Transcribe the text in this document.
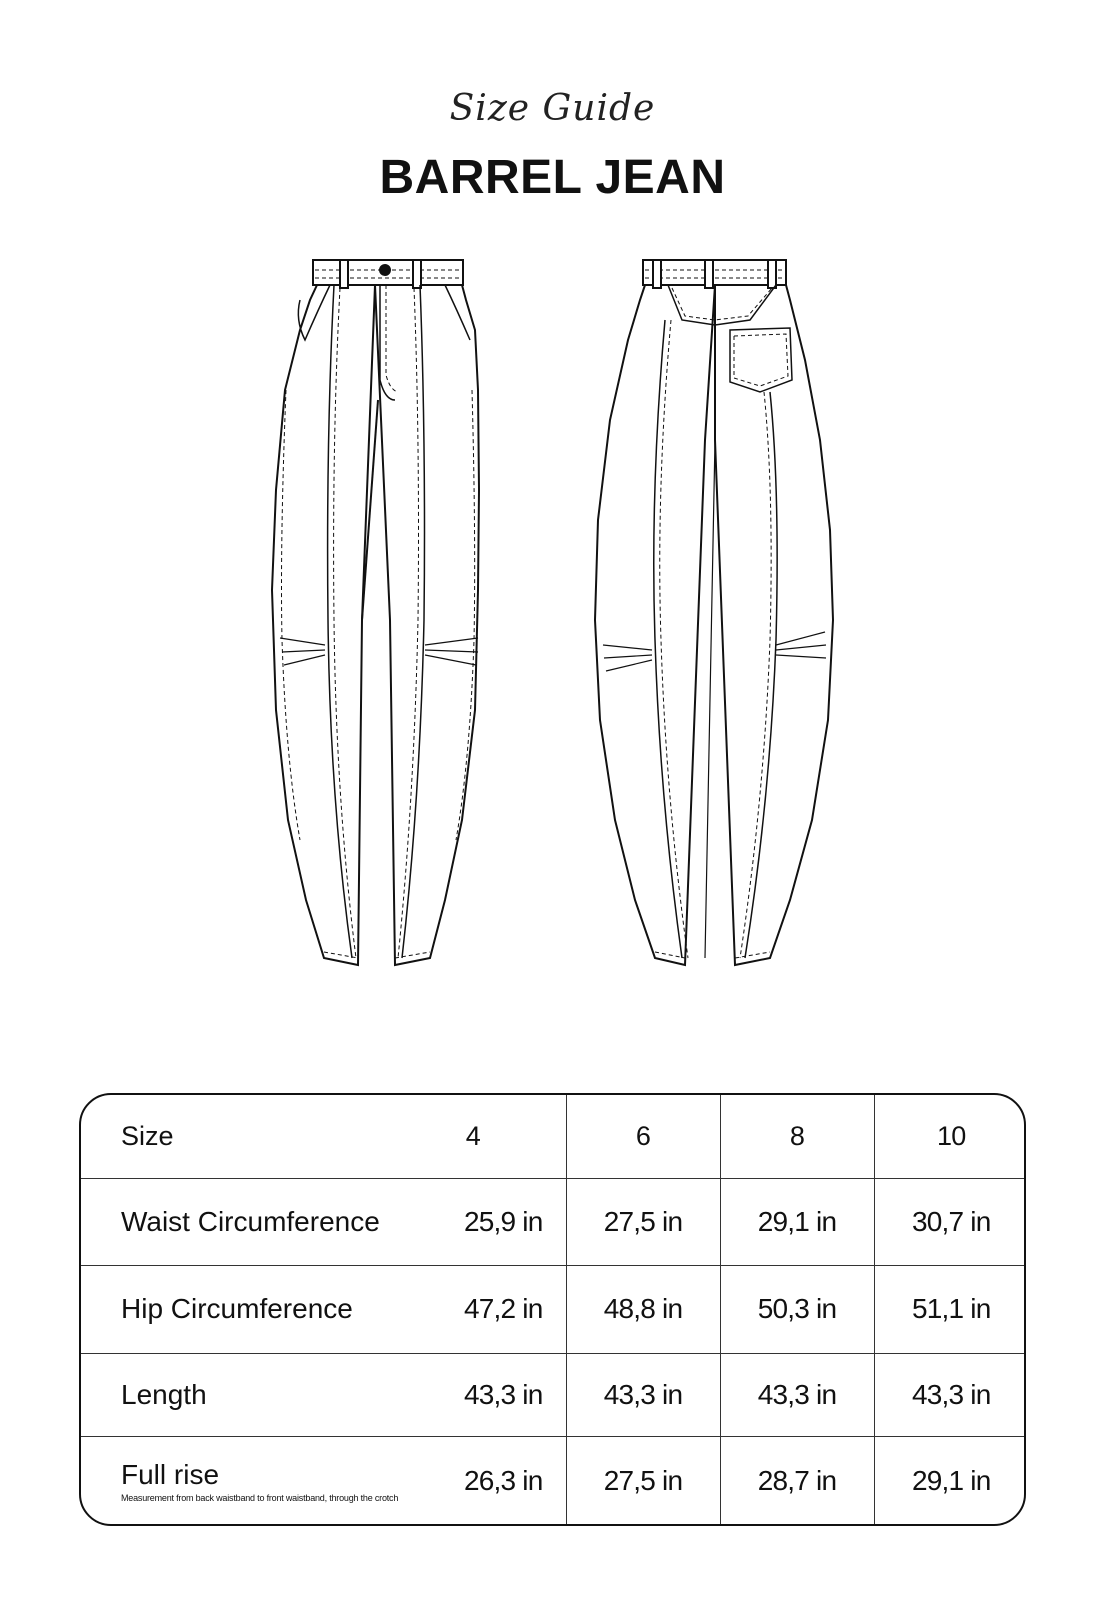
Size Guide
BARREL JEAN
Size 4	6	8	10

Waist Circumference 25,9 in	27,5 in	29,1 in	30,7 in

Hip Circumference 47,2 in	48,8 in	50,3 in	51,1 in

Length 43,3 in	43,3 in	43,3 in	43,3 in

Full rise
Measurement from back waistband to front waistband, through the crotch
26,3 in	27,5 in	28,7 in	29,1 in
